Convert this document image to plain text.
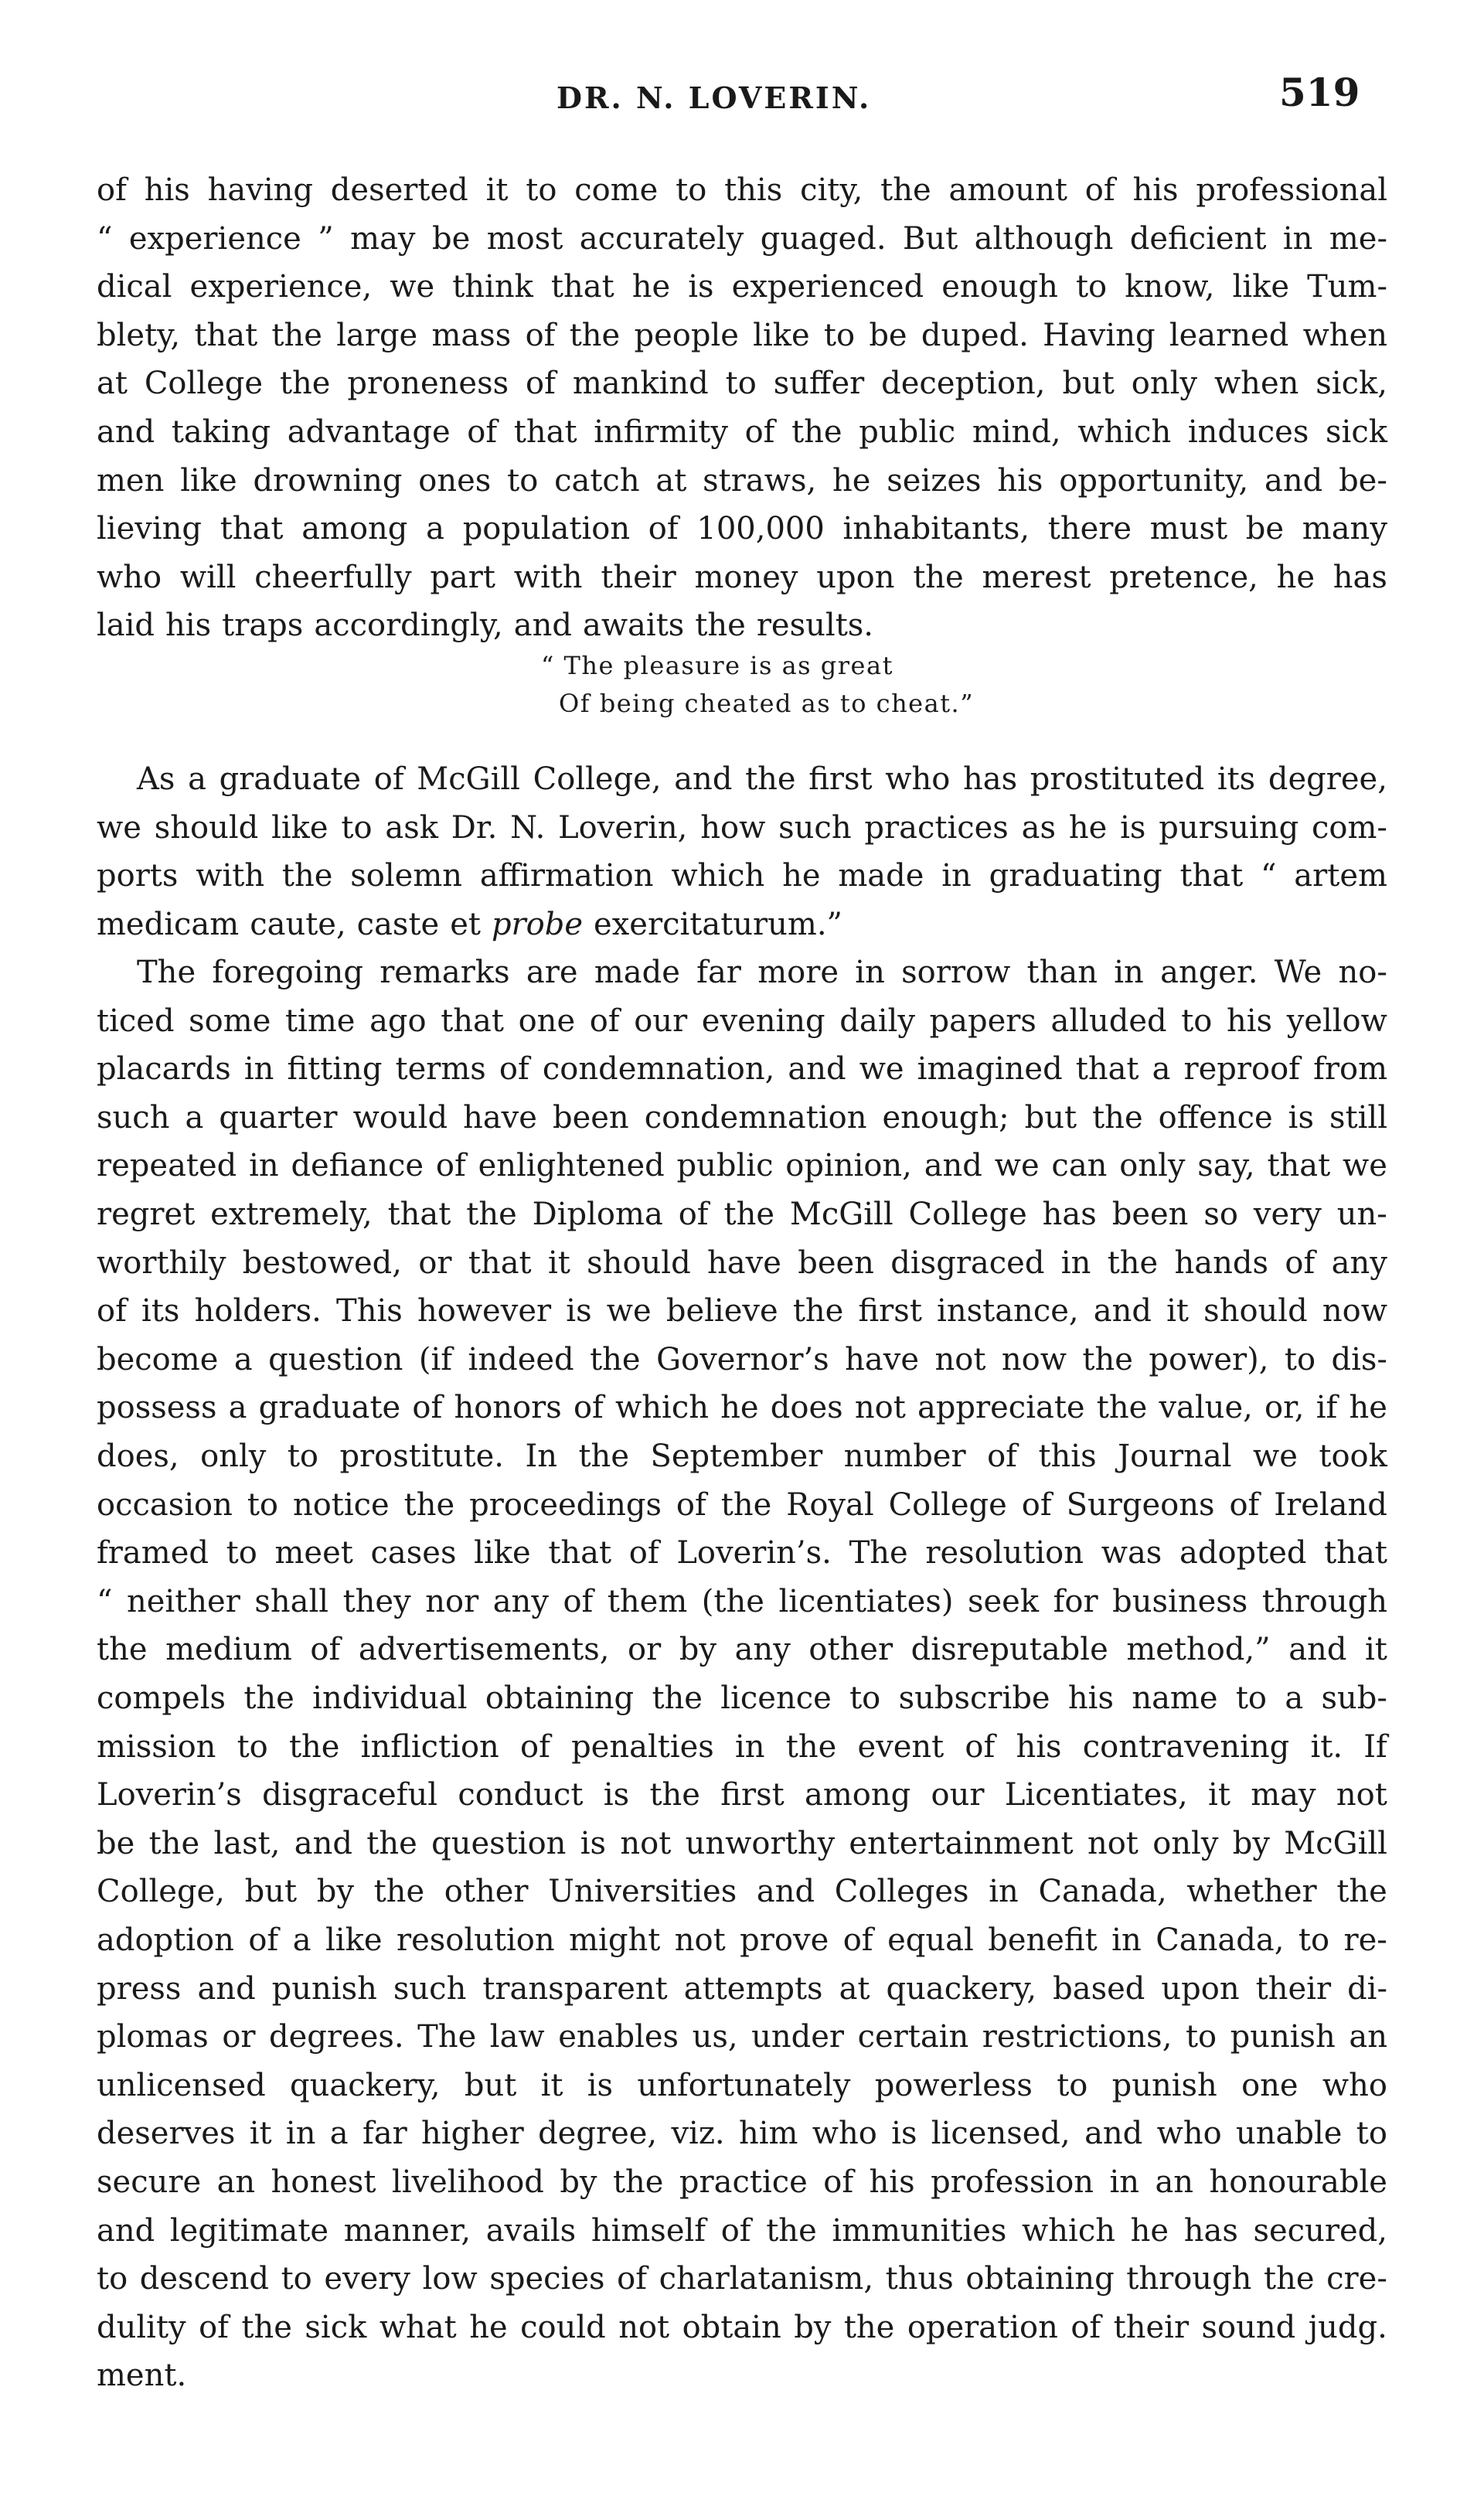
DR. N. LOVERIN.	519
of his having deserted it to come to this city, the amount of his professional
“ experience ” may be most accurately guaged. But although deficient in me-
dical experience, we think that he is experienced enough to know, like Tum-
blety, that the large mass of the people like to be duped. Having learned when
at College the proneness of mankind to suffer deception, but only when sick,
and taking advantage of that infirmity of the public mind, which induces sick
men like drowning ones to catch at straws, he seizes his opportunity, and be-
lieving that among a population of 100,000 inhabitants, there must be many
who will cheerfully part with their money upon the merest pretence, he has
laid his traps accordingly, and awaits the results.
“ The pleasure is as great
Of being cheated as to cheat.”
As a graduate of McGill College, and the first who has prostituted its degree,
we should like to ask Dr. N. Loverin, how such practices as he is pursuing com-
ports with the solemn affirmation which he made in graduating that “ artem
medicam caute, caste et probe exercitaturum.”
The foregoing remarks are made far more in sorrow than in anger. We no-
ticed some time ago that one of our evening daily papers alluded to his yellow
placards in fitting terms of condemnation, and we imagined that a reproof from
such a quarter would have been condemnation enough; but the offence is still
repeated in defiance of enlightened public opinion, and we can only say, that we
regret extremely, that the Diploma of the McGill College has been so very un-
worthily bestowed, or that it should have been disgraced in the hands of any
of its holders. This however is we believe the first instance, and it should now
become a question (if indeed the Governor’s have not now the power), to dis-
possess a graduate of honors of which he does not appreciate the value, or, if he
does, only to prostitute. In the September number of this Journal we took
occasion to notice the proceedings of the Royal College of Surgeons of Ireland
framed to meet cases like that of Loverin’s. The resolution was adopted that
“ neither shall they nor any of them (the licentiates) seek for business through
the medium of advertisements, or by any other disreputable method,” and it
compels the individual obtaining the licence to subscribe his name to a sub-
mission to the infliction of penalties in the event of his contravening it. If
Loverin’s disgraceful conduct is the first among our Licentiates, it may not
be the last, and the question is not unworthy entertainment not only by McGill
College, but by the other Universities and Colleges in Canada, whether the
adoption of a like resolution might not prove of equal benefit in Canada, to re-
press and punish such transparent attempts at quackery, based upon their di-
plomas or degrees. The law enables us, under certain restrictions, to punish an
unlicensed quackery, but it is unfortunately powerless to punish one who
deserves it in a far higher degree, viz. him who is licensed, and who unable to
secure an honest livelihood by the practice of his profession in an honourable
and legitimate manner, avails himself of the immunities which he has secured,
to descend to every low species of charlatanism, thus obtaining through the cre-
dulity of the sick what he could not obtain by the operation of their sound judg.
ment.
